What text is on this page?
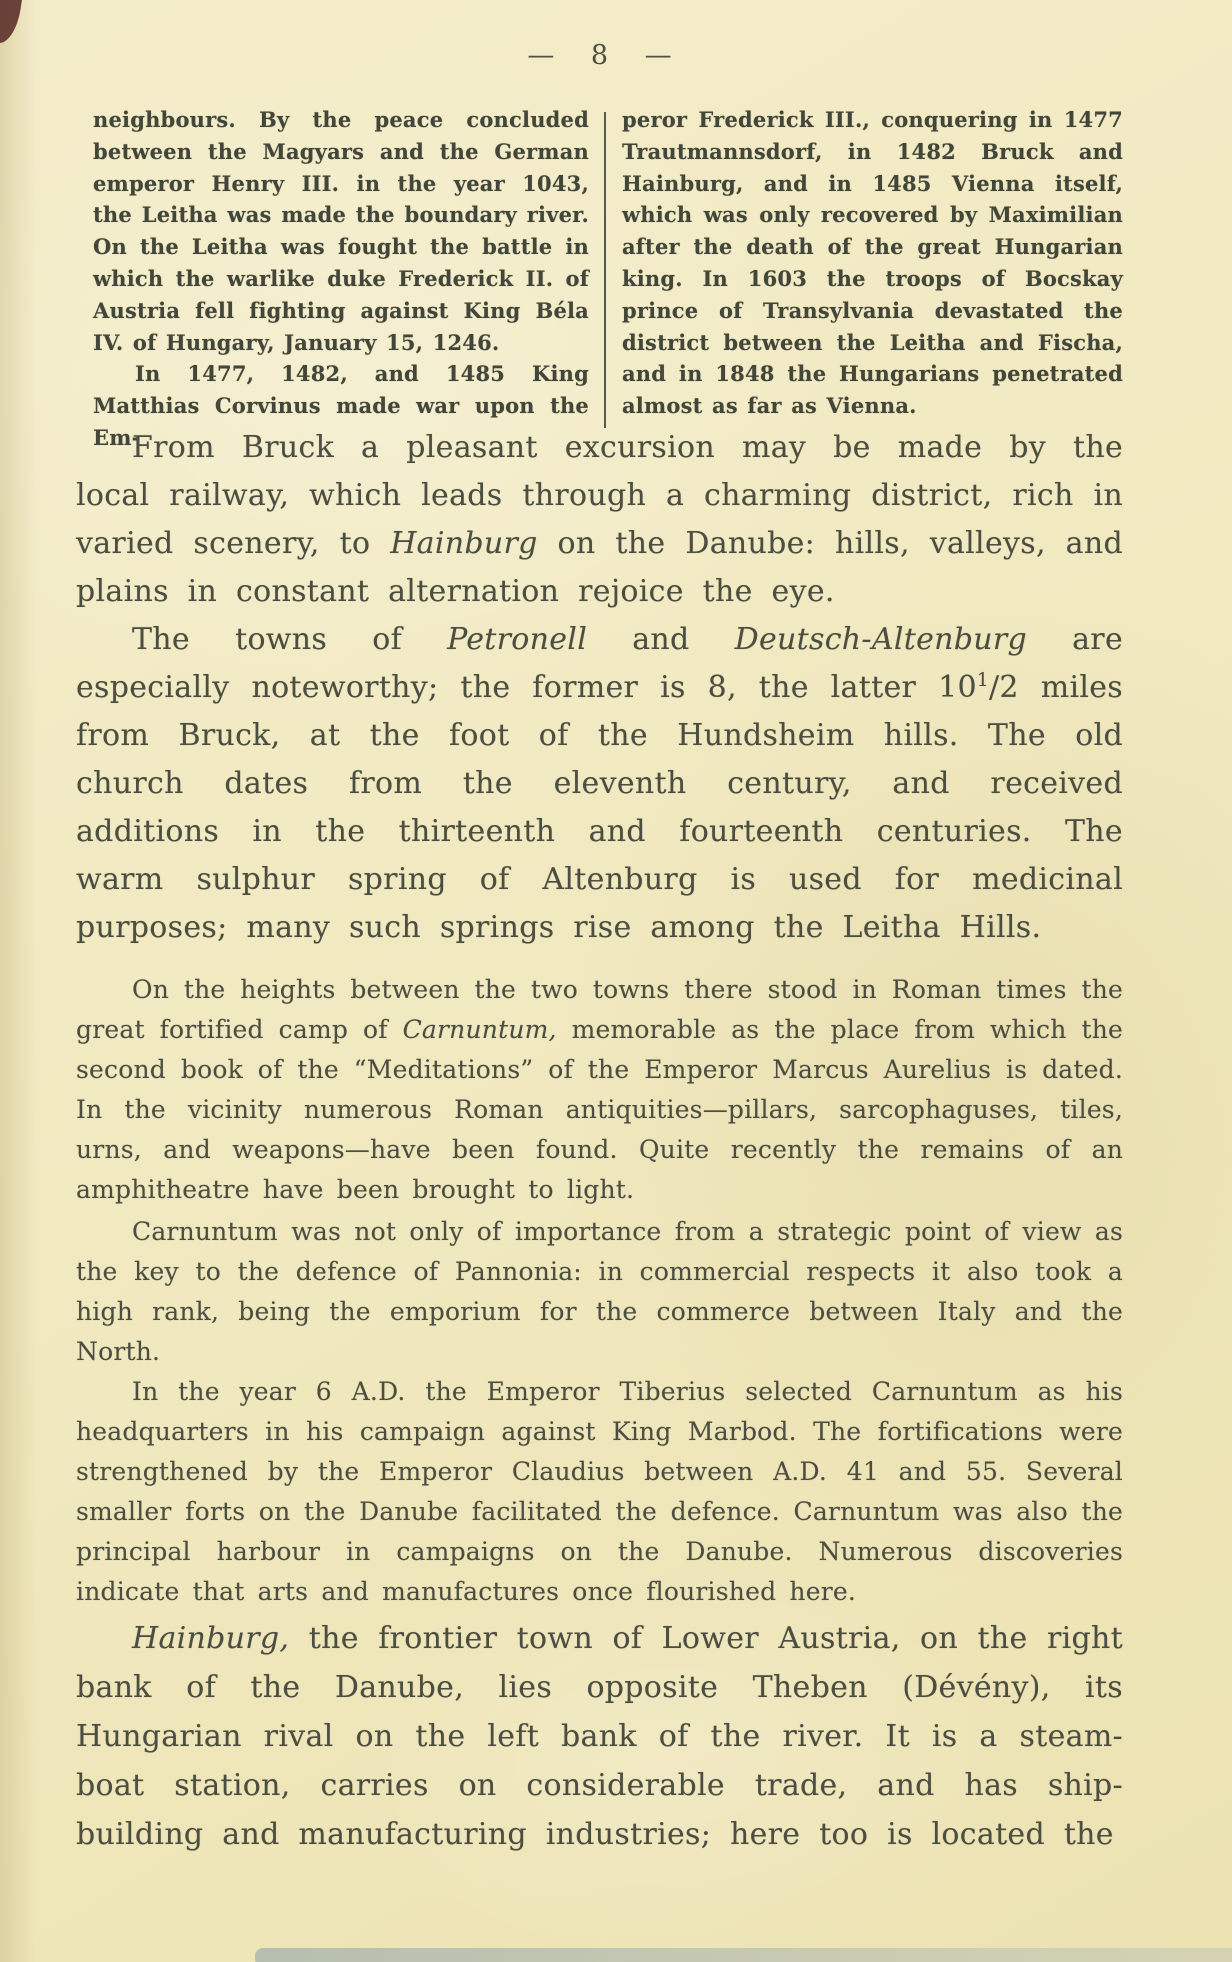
— 8 —

neighbours. By the peace concluded between the Magyars and the German emperor Henry III. in the year 1043, the Leitha was made the boundary river. On the Leitha was fought the battle in which the warlike duke Frederick II. of Austria fell fighting against King Béla IV. of Hungary, January 15, 1246.

In 1477, 1482, and 1485 King Matthias Corvinus made war upon the Em-

peror Frederick III., conquering in 1477 Trautmannsdorf, in 1482 Bruck and Hainburg, and in 1485 Vienna itself, which was only recovered by Maximilian after the death of the great Hungarian king. In 1603 the troops of Bocskay prince of Transylvania devastated the district between the Leitha and Fischa, and in 1848 the Hungarians penetrated almost as far as Vienna.

From Bruck a pleasant excursion may be made by the local railway, which leads through a charming district, rich in varied scenery, to Hainburg on the Danube: hills, valleys, and plains in constant alternation rejoice the eye.

The towns of Petronell and Deutsch-Altenburg are especially noteworthy; the former is 8, the latter $10^1/2$ miles from Bruck, at the foot of the Hundsheim hills. The old church dates from the eleventh century, and received additions in the thirteenth and fourteenth centuries. The warm sulphur spring of Altenburg is used for medicinal purposes; many such springs rise among the Leitha Hills.

On the heights between the two towns there stood in Roman times the great fortified camp of Carnuntum, memorable as the place from which the second book of the “Meditations” of the Emperor Marcus Aurelius is dated. In the vicinity numerous Roman antiquities—pillars, sarcophaguses, tiles, urns, and weapons—have been found. Quite recently the remains of an amphitheatre have been brought to light.

Carnuntum was not only of importance from a strategic point of view as the key to the defence of Pannonia: in commercial respects it also took a high rank, being the emporium for the commerce between Italy and the North.

In the year 6 A.D. the Emperor Tiberius selected Carnuntum as his headquarters in his campaign against King Marbod. The fortifications were strengthened by the Emperor Claudius between A.D. 41 and 55. Several smaller forts on the Danube facilitated the defence. Carnuntum was also the principal harbour in campaigns on the Danube. Numerous discoveries indicate that arts and manufactures once flourished here.

Hainburg, the frontier town of Lower Austria, on the right bank of the Danube, lies opposite Theben (Dévény), its Hungarian rival on the left bank of the river. It is a steam-boat station, carries on considerable trade, and has ship-building and manufacturing industries; here too is located the
